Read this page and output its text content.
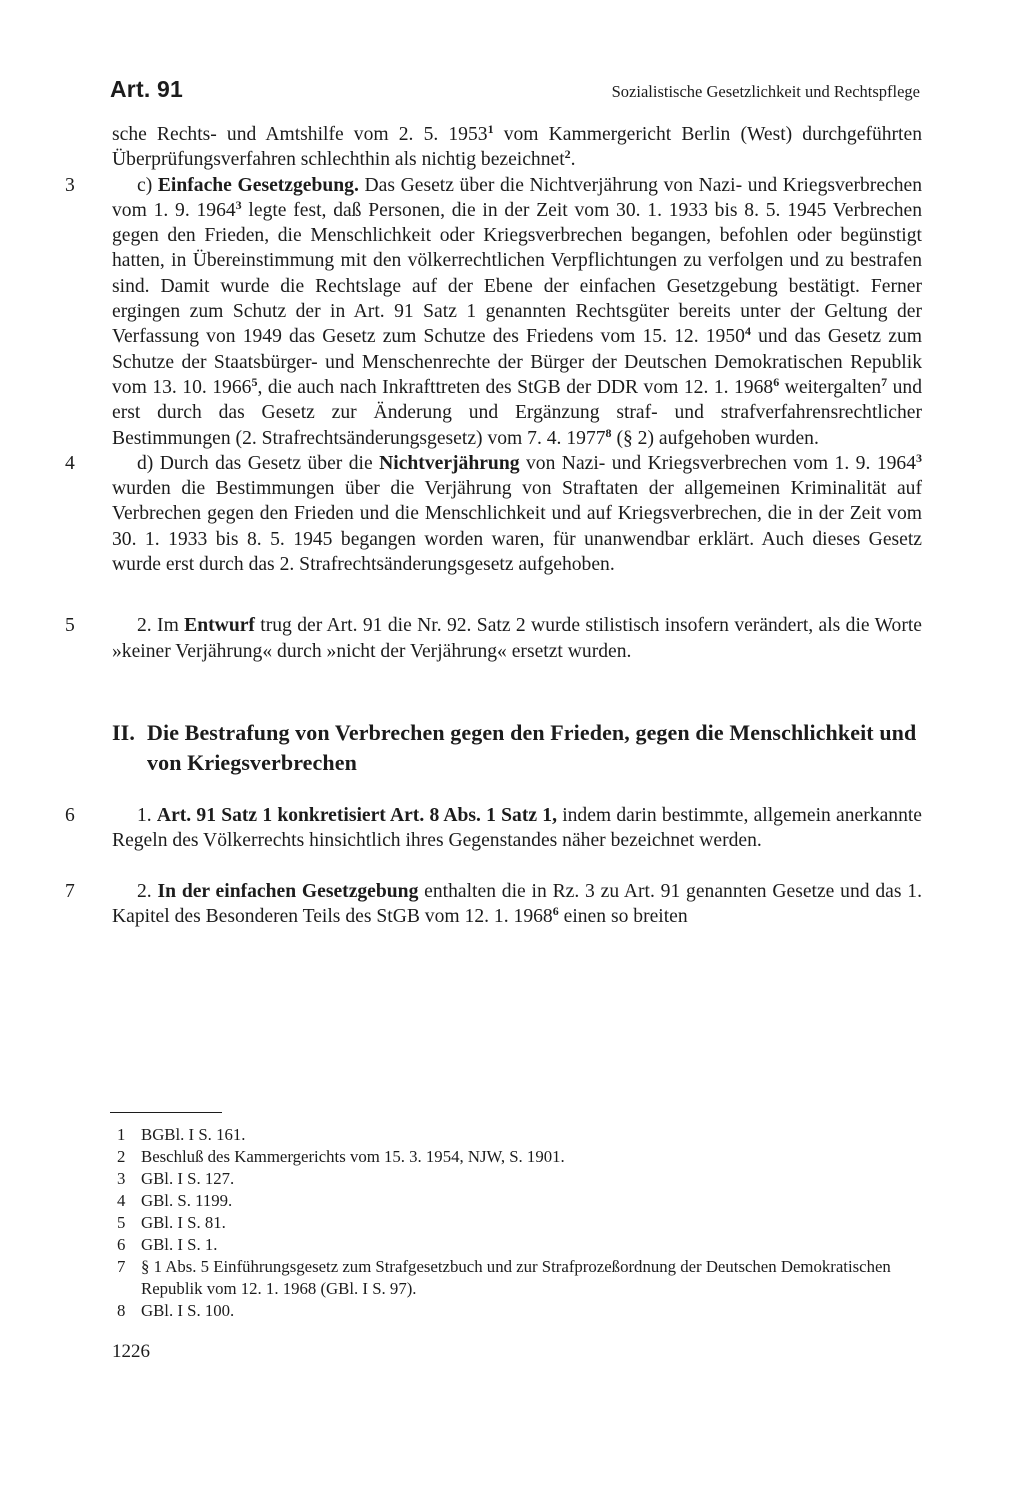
Art. 91	Sozialistische Gesetzlichkeit und Rechtspflege

sche Rechts- und Amtshilfe vom 2. 5. 1953$^1$ vom Kammergericht Berlin (West) durchgeführten Überprüfungsverfahren schlechthin als nichtig bezeichnet$^2$.

3	c) Einfache Gesetzgebung. Das Gesetz über die Nichtverjährung von Nazi- und Kriegsverbrechen vom 1. 9. 1964$^3$ legte fest, daß Personen, die in der Zeit vom 30. 1. 1933 bis 8. 5. 1945 Verbrechen gegen den Frieden, die Menschlichkeit oder Kriegsverbrechen begangen, befohlen oder begünstigt hatten, in Übereinstimmung mit den völkerrechtlichen Verpflichtungen zu verfolgen und zu bestrafen sind. Damit wurde die Rechtslage auf der Ebene der einfachen Gesetzgebung bestätigt. Ferner ergingen zum Schutz der in Art. 91 Satz 1 genannten Rechtsgüter bereits unter der Geltung der Verfassung von 1949 das Gesetz zum Schutze des Friedens vom 15. 12. 1950$^4$ und das Gesetz zum Schutze der Staatsbürger- und Menschenrechte der Bürger der Deutschen Demokratischen Republik vom 13. 10. 1966$^5$, die auch nach Inkrafttreten des StGB der DDR vom 12. 1. 1968$^6$ weitergalten$^7$ und erst durch das Gesetz zur Änderung und Ergänzung straf- und strafverfahrensrechtlicher Bestimmungen (2. Strafrechtsänderungsgesetz) vom 7. 4. 1977$^8$ (§ 2) aufgehoben wurden.

4	d) Durch das Gesetz über die Nichtverjährung von Nazi- und Kriegsverbrechen vom 1. 9. 1964$^3$ wurden die Bestimmungen über die Verjährung von Straftaten der allgemeinen Kriminalität auf Verbrechen gegen den Frieden und die Menschlichkeit und auf Kriegsverbrechen, die in der Zeit vom 30. 1. 1933 bis 8. 5. 1945 begangen worden waren, für unanwendbar erklärt. Auch dieses Gesetz wurde erst durch das 2. Strafrechtsänderungsgesetz aufgehoben.

5	2. Im Entwurf trug der Art. 91 die Nr. 92. Satz 2 wurde stilistisch insofern verändert, als die Worte »keiner Verjährung« durch »nicht der Verjährung« ersetzt wurden.

II. Die Bestrafung von Verbrechen gegen den Frieden, gegen die Menschlichkeit und von Kriegsverbrechen

6	1. Art. 91 Satz 1 konkretisiert Art. 8 Abs. 1 Satz 1, indem darin bestimmte, allgemein anerkannte Regeln des Völkerrechts hinsichtlich ihres Gegenstandes näher bezeichnet werden.

7	2. In der einfachen Gesetzgebung enthalten die in Rz. 3 zu Art. 91 genannten Gesetze und das 1. Kapitel des Besonderen Teils des StGB vom 12. 1. 1968$^6$ einen so breiten

1 BGBl. I S. 161.

2 Beschluß des Kammergerichts vom 15. 3. 1954, NJW, S. 1901.

3 GBl. I S. 127.

4 GBl. S. 1199.

5 GBl. I S. 81.

6 GBl. I S. 1.

7 § 1 Abs. 5 Einführungsgesetz zum Strafgesetzbuch und zur Strafprozeßordnung der Deutschen Demokratischen Republik vom 12. 1. 1968 (GBl. I S. 97).

8 GBl. I S. 100.

1226
